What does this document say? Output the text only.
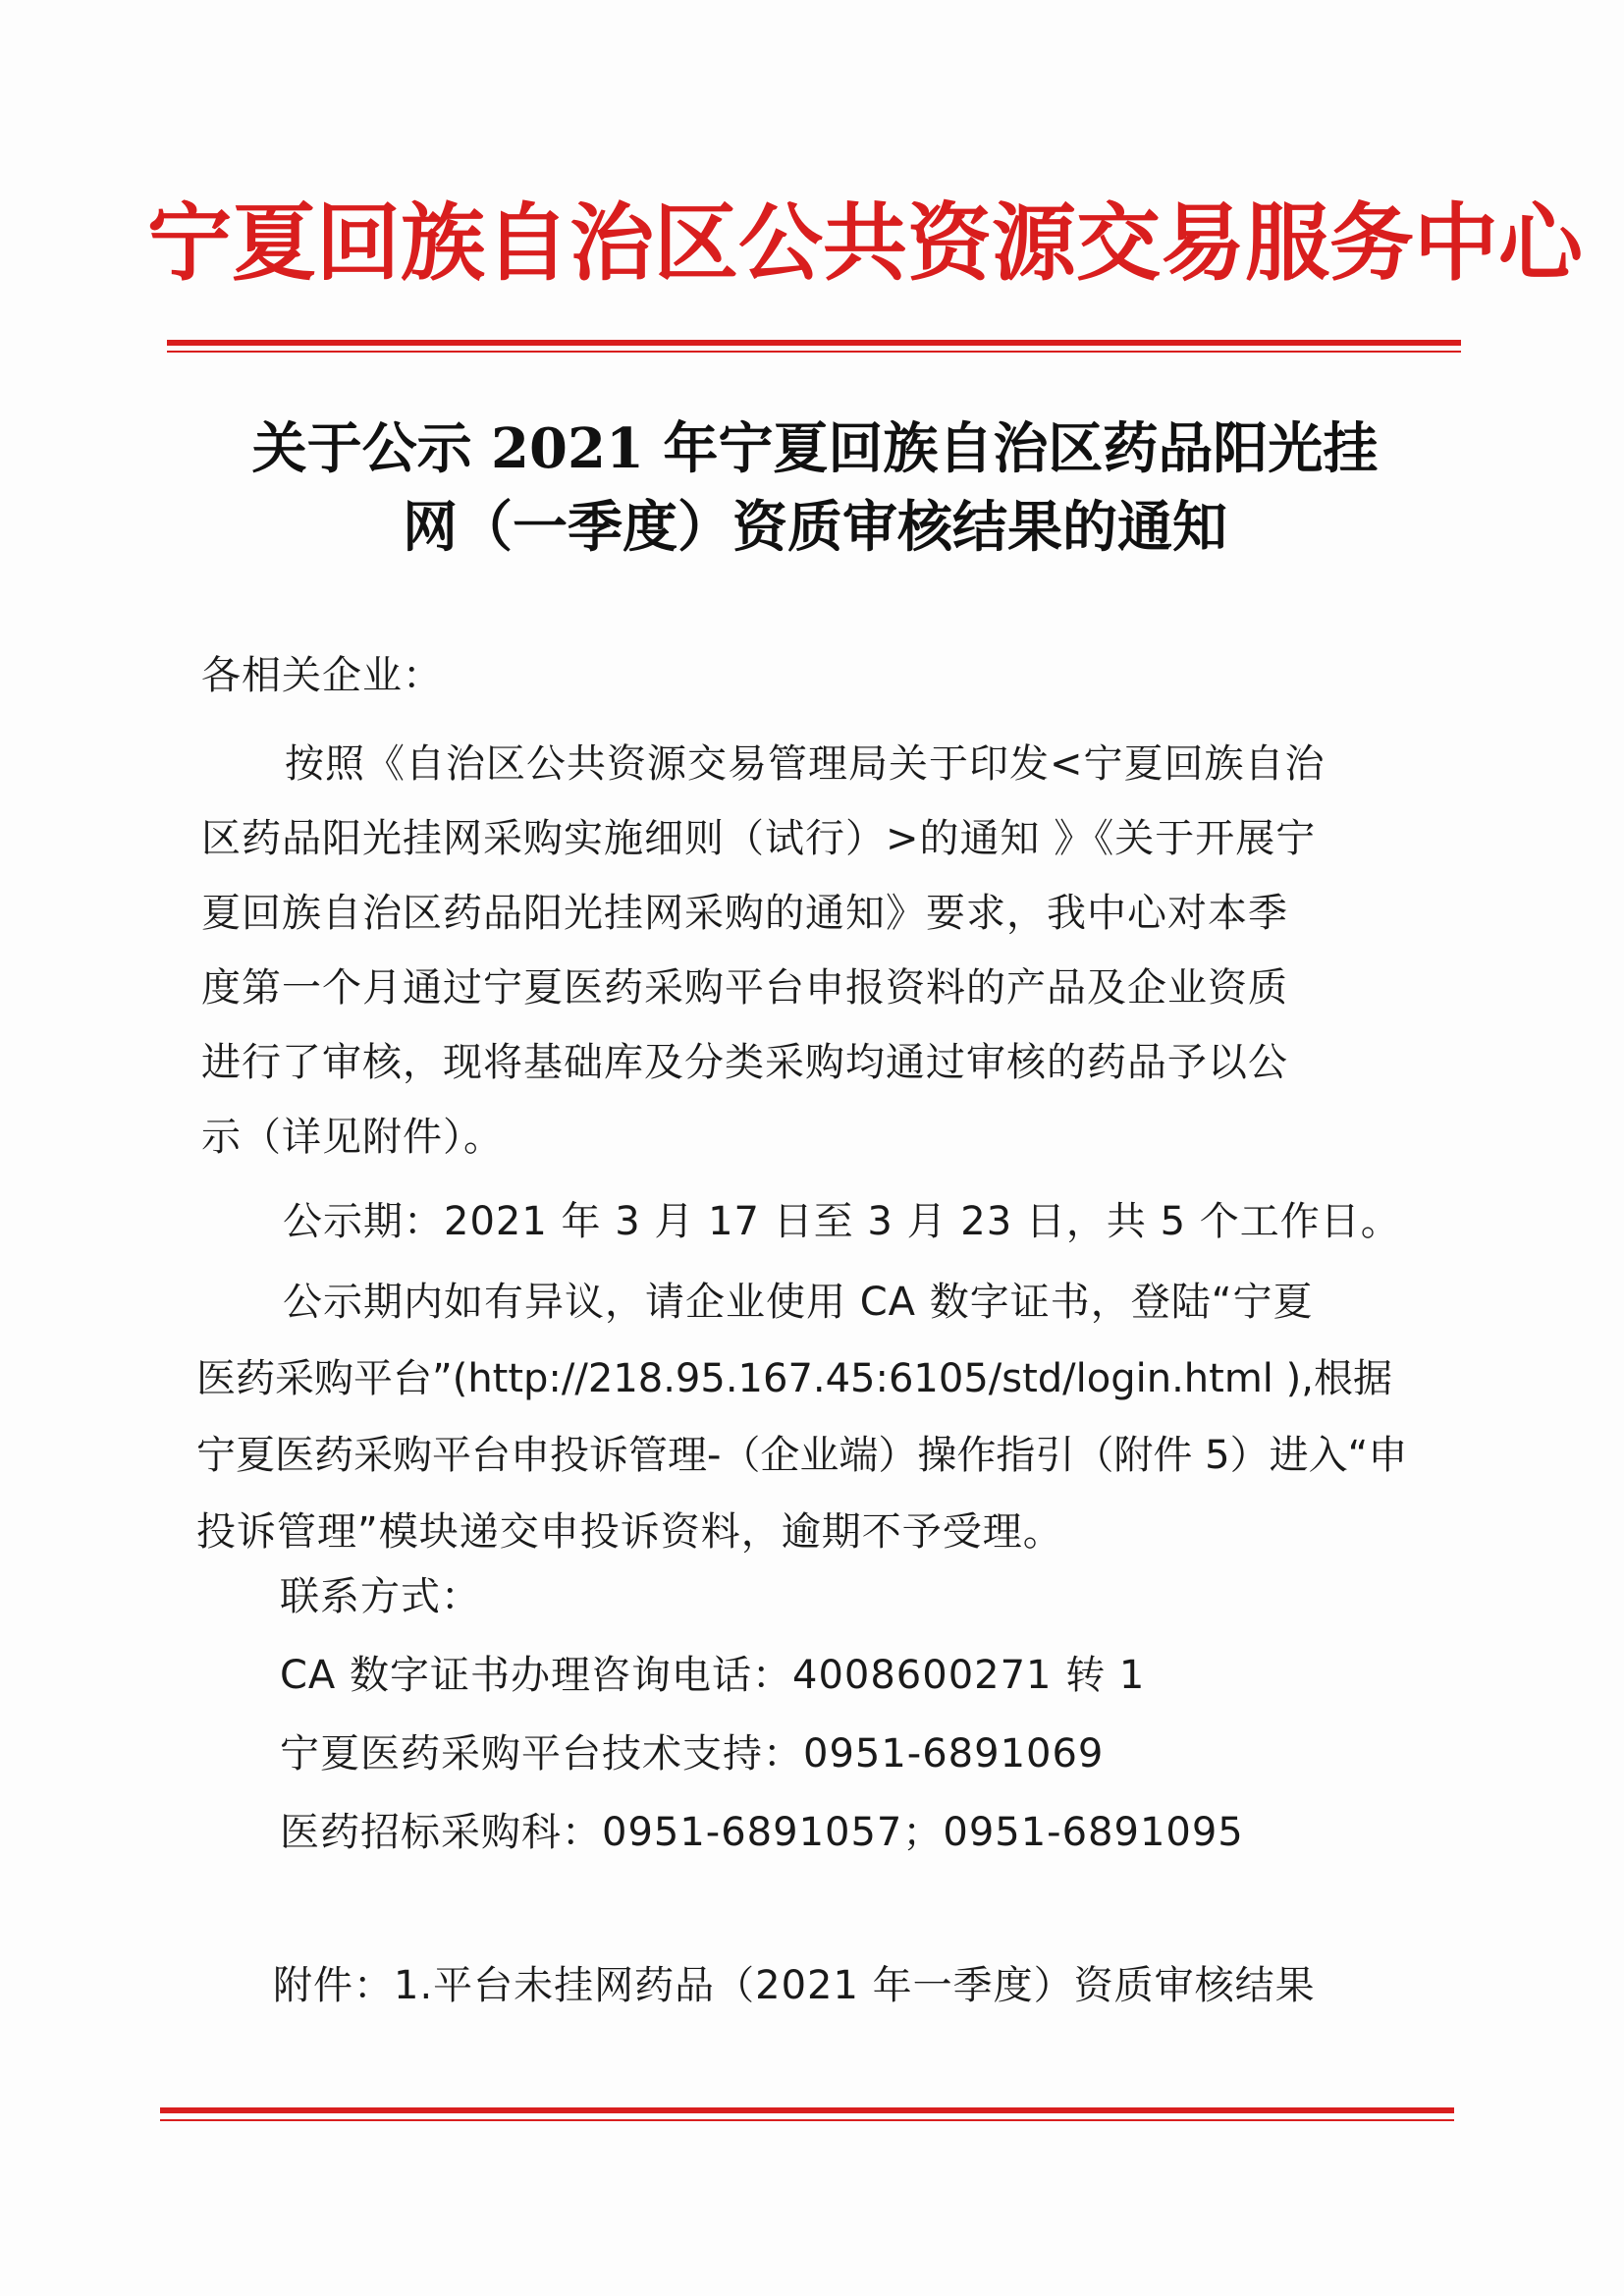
宁夏回族自治区公共资源交易服务中心
关于公示 2021 年宁夏回族自治区药品阳光挂
网（一季度）资质审核结果的通知
各相关企业：
按照《自治区公共资源交易管理局关于印发<宁夏回族自治
区药品阳光挂网采购实施细则（试行）>的通知 》《关于开展宁
夏回族自治区药品阳光挂网采购的通知》要求，我中心对本季
度第一个月通过宁夏医药采购平台申报资料的产品及企业资质
进行了审核，现将基础库及分类采购均通过审核的药品予以公
示（详见附件）。
公示期：2021 年 3 月 17 日至 3 月 23 日，共 5 个工作日。
公示期内如有异议，请企业使用 CA 数字证书，登陆“宁夏
医药采购平台”(http://218.95.167.45:6105/std/login.html ),根据
宁夏医药采购平台申投诉管理-（企业端）操作指引（附件 5）进入“申
投诉管理”模块递交申投诉资料，逾期不予受理。
联系方式：
CA 数字证书办理咨询电话：4008600271 转 1
宁夏医药采购平台技术支持：0951-6891069
医药招标采购科：0951-6891057；0951-6891095
附件：1.平台未挂网药品（2021 年一季度）资质审核结果
